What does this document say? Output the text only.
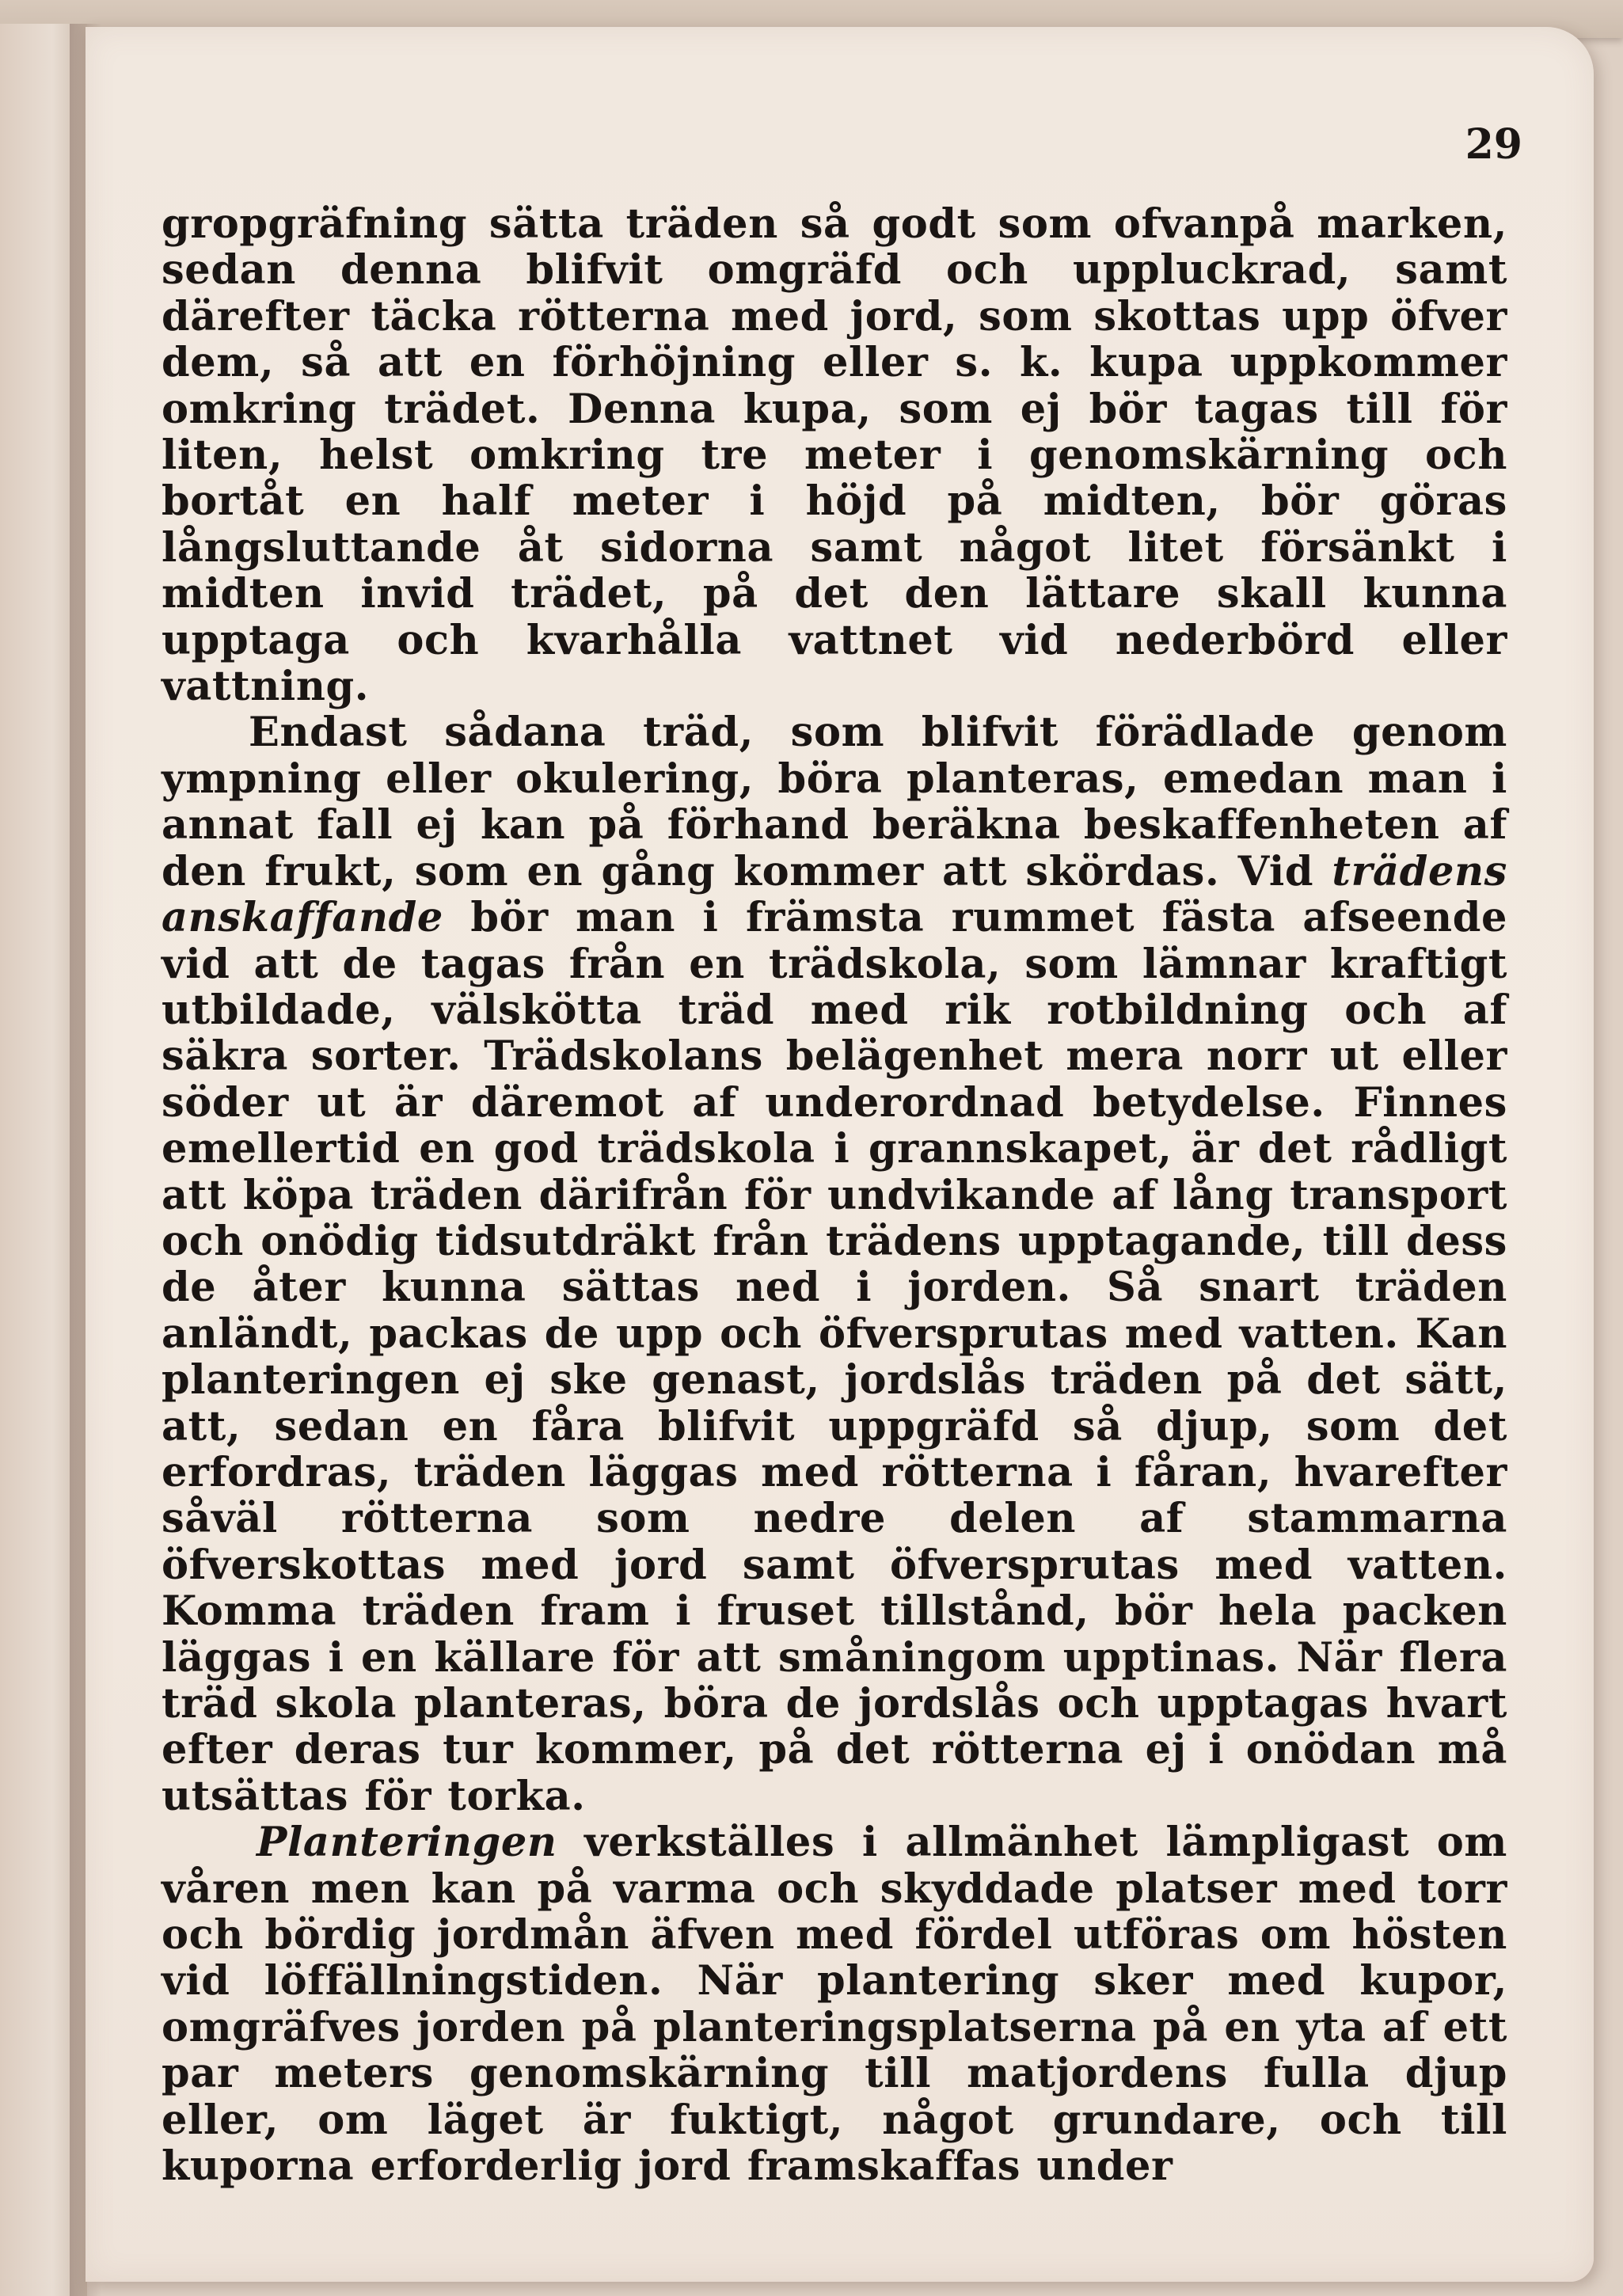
29

gropgräfning sätta träden så godt som ofvanpå marken, sedan denna blifvit omgräfd och uppluckrad, samt därefter täcka rötterna med jord, som skottas upp öfver dem, så att en förhöjning eller s. k. kupa uppkommer omkring trädet. Denna kupa, som ej bör tagas till för liten, helst omkring tre meter i genomskärning och bortåt en half meter i höjd på midten, bör göras långsluttande åt sidorna samt något litet försänkt i midten invid trädet, på det den lättare skall kunna upptaga och kvarhålla vattnet vid nederbörd eller vattning.

Endast sådana träd, som blifvit förädlade genom ympning eller okulering, böra planteras, emedan man i annat fall ej kan på förhand beräkna beskaffenheten af den frukt, som en gång kommer att skördas. Vid trädens anskaffande bör man i främsta rummet fästa afseende vid att de tagas från en trädskola, som lämnar kraftigt utbildade, välskötta träd med rik rotbildning och af säkra sorter. Trädskolans belägenhet mera norr ut eller söder ut är däremot af underordnad betydelse. Finnes emellertid en god trädskola i grannskapet, är det rådligt att köpa träden därifrån för undvikande af lång transport och onödig tidsutdräkt från trädens upptagande, till dess de åter kunna sättas ned i jorden. Så snart träden anländt, packas de upp och öfversprutas med vatten. Kan planteringen ej ske genast, jordslås träden på det sätt, att, sedan en fåra blifvit uppgräfd så djup, som det erfordras, träden läggas med rötterna i fåran, hvarefter såväl rötterna som nedre delen af stammarna öfverskottas med jord samt öfversprutas med vatten. Komma träden fram i fruset tillstånd, bör hela packen läggas i en källare för att småningom upptinas. När flera träd skola planteras, böra de jordslås och upptagas hvart efter deras tur kommer, på det rötterna ej i onödan må utsättas för torka.

Planteringen verkställes i allmänhet lämpligast om våren men kan på varma och skyddade platser med torr och bördig jordmån äfven med fördel utföras om hösten vid löffällningstiden. När plantering sker med kupor, omgräfves jorden på planteringsplatserna på en yta af ett par meters genomskärning till matjordens fulla djup eller, om läget är fuktigt, något grundare, och till kuporna erforderlig jord framskaffas under
